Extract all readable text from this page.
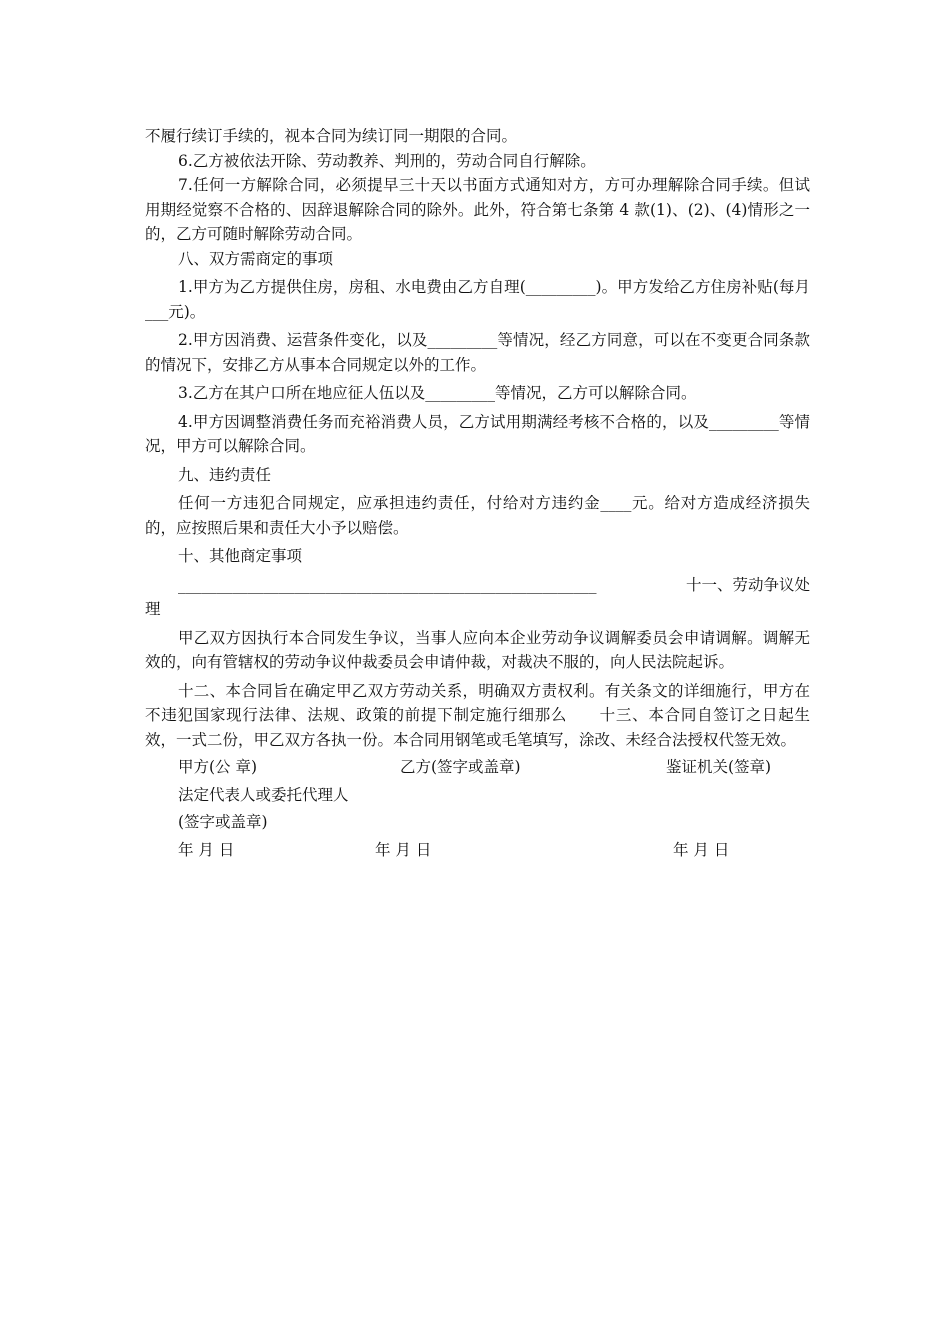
不履行续订手续的，视本合同为续订同一期限的合同。

6.乙方被依法开除、劳动教养、判刑的，劳动合同自行解除。

7.任何一方解除合同，必须提早三十天以书面方式通知对方，方可办理解除合同手续。但试用期经觉察不合格的、因辞退解除合同的除外。此外，符合第七条第 4 款(1)、(2)、(4)情形之一的，乙方可随时解除劳动合同。

八、双方需商定的事项

1.甲方为乙方提供住房，房租、水电费由乙方自理(_________)。甲方发给乙方住房补贴(每月___元)。

2.甲方因消费、运营条件变化，以及_________等情况，经乙方同意，可以在不变更合同条款的情况下，安排乙方从事本合同规定以外的工作。

3.乙方在其户口所在地应征人伍以及_________等情况，乙方可以解除合同。

4.甲方因调整消费任务而充裕消费人员，乙方试用期满经考核不合格的，以及_________等情况，甲方可以解除合同。

九、违约责任

任何一方违犯合同规定，应承担违约责任，付给对方违约金____元。给对方造成经济损失的，应按照后果和责任大小予以赔偿。

十、其他商定事项

______________________________________________________	十一、劳动争议处

理

甲乙双方因执行本合同发生争议，当事人应向本企业劳动争议调解委员会申请调解。调解无效的，向有管辖权的劳动争议仲裁委员会申请仲裁，对裁决不服的，向人民法院起诉。

十二、本合同旨在确定甲乙双方劳动关系，明确双方责权利。有关条文的详细施行，甲方在不违犯国家现行法律、法规、政策的前提下制定施行细那么　　十三、本合同自签订之日起生效，一式二份，甲乙双方各执一份。本合同用钢笔或毛笔填写，涂改、未经合法授权代签无效。

甲方(公 章)	乙方(签字或盖章)	鉴证机关(签章)
法定代表人或委托代理人
(签字或盖章)
年 月 日	年 月 日	年 月 日
